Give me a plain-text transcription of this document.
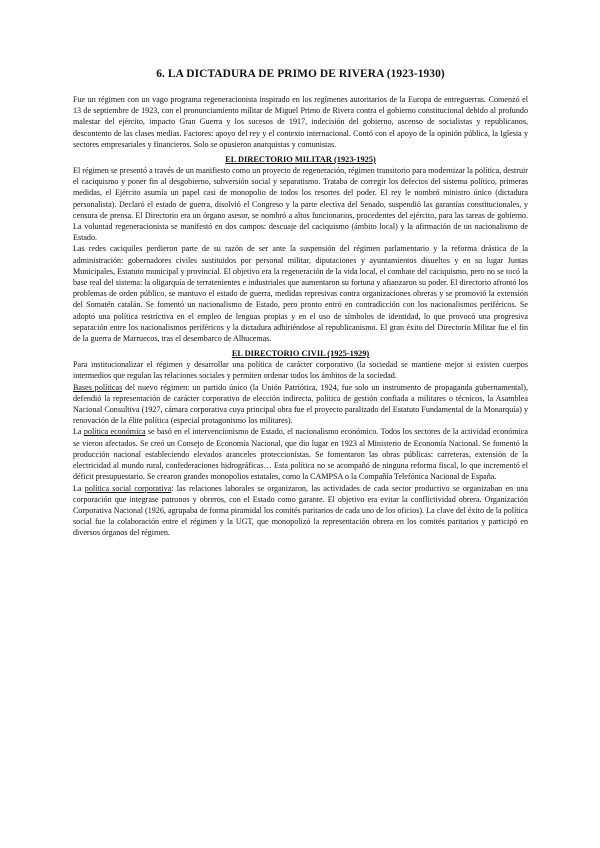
6. LA DICTADURA DE PRIMO DE RIVERA (1923-1930)

Fue un régimen con un vago programa regeneracionista inspirado en los regímenes autoritarios de la Europa de entreguerras. Comenzó el 13 de septiembre de 1923, con el pronunciamiento militar de Miguel Primo de Rivera contra el gobierno constitucional debido al profundo malestar del ejército, impacto Gran Guerra y los sucesos de 1917, indecisión del gobierno, ascenso de socialistas y republicanos, descontento de las clases medias. Factores: apoyo del rey y el contexto internacional. Contó con el apoyo de la opinión pública, la Iglesia y sectores empresariales y financieros. Solo se opusieron anarquistas y comunistas.

EL DIRECTORIO MILITAR (1923-1925)

El régimen se presentó a través de un manifiesto como un proyecto de regeneración, régimen transitorio para modernizar la política, destruir el caciquismo y poner fin al desgobierno, subversión social y separatismo. Trataba de corregir los defectos del sistema político, primeras medidas, el Ejército asumía un papel casi de monopolio de todos los resortes del poder. El rey le nombró ministro único (dictadura personalista). Declaró el estado de guerra, disolvió el Congreso y la parte electiva del Senado, suspendió las garantías constitucionales, y censura de prensa. El Directorio era un órgano asesor, se nombró a altos funcionarios, procedentes del ejército, para las tareas de gobierno. La voluntad regeneracionista se manifestó en dos campos: descuaje del caciquismo (ámbito local) y la afirmación de un nacionalismo de Estado.

Las redes caciquiles perdieron parte de su razón de ser ante la suspensión del régimen parlamentario y la reforma drástica de la administración: gobernadores civiles sustituidos por personal militar, diputaciones y ayuntamientos disueltos y en su lugar Juntas Municipales, Estatuto municipal y provincial. El objetivo era la regeneración de la vida local, el combate del caciquismo, pero no se tocó la base real del sistema: la oligarquía de terratenientes e industriales que aumentaron su fortuna y afianzaron su poder. El directorio afrontó los problemas de orden público, se mantuvo el estado de guerra, medidas represivas contra organizaciones obreras y se promovió la extensión del Somatén catalán. Se fomentó un nacionalismo de Estado, pero pronto entró en contradicción con los nacionalismos periféricos. Se adoptó una política restrictiva en el empleo de lenguas propias y en el uso de símbolos de identidad, lo que provocó una progresiva separación entre los nacionalismos periféricos y la dictadura adhiriéndose al republicanismo. El gran éxito del Directorio Militar fue el fin de la guerra de Marruecos, tras el desembarco de Alhucemas.

EL DIRECTORIO CIVIL (1925-1929)

Para institucionalizar el régimen y desarrollar una política de carácter corporativo (la sociedad se mantiene mejor si existen cuerpos intermedios que regulan las relaciones sociales y permiten ordenar todos los ámbitos de la sociedad.

Bases políticas del nuevo régimen: un partido único (la Unión Patriótica, 1924, fue solo un instrumento de propaganda gubernamental), defendió la representación de carácter corporativo de elección indirecta, política de gestión confiada a militares o técnicos, la Asamblea Nacional Consultiva (1927, cámara corporativa cuya principal obra fue el proyecto paralizado del Estatuto Fundamental de la Monarquía) y renovación de la élite política (especial protagonismo los militares).

La política económica se basó en el intervencionismo de Estado, el nacionalismo económico. Todos los sectores de la actividad económica se vieron afectados. Se creó un Consejo de Economía Nacional, que dio lugar en 1923 al Ministerio de Economía Nacional. Se fomentó la producción nacional estableciendo elevados aranceles proteccionistas. Se fomentaron las obras públicas: carreteras, extensión de la electricidad al mundo rural, confederaciones hidrográficas… Esta política no se acompañó de ninguna reforma fiscal, lo que incrementó el déficit presupuestario. Se crearon grandes monopolios estatales, como la CAMPSA o la Compañía Telefónica Nacional de España.

La política social corporativa: las relaciones laborales se organizaron, las actividades de cada sector productivo se organizaban en una corporación que integrase patronos y obreros, con el Estado como garante. El objetivo era evitar la conflictividad obrera. Organización Corporativa Nacional (1926, agrupaba de forma piramidal los comités paritarios de cada uno de los oficios). La clave del éxito de la política social fue la colaboración entre el régimen y la UGT, que monopolizó la representación obrera en los comités paritarios y participó en diversos órganos del régimen.
